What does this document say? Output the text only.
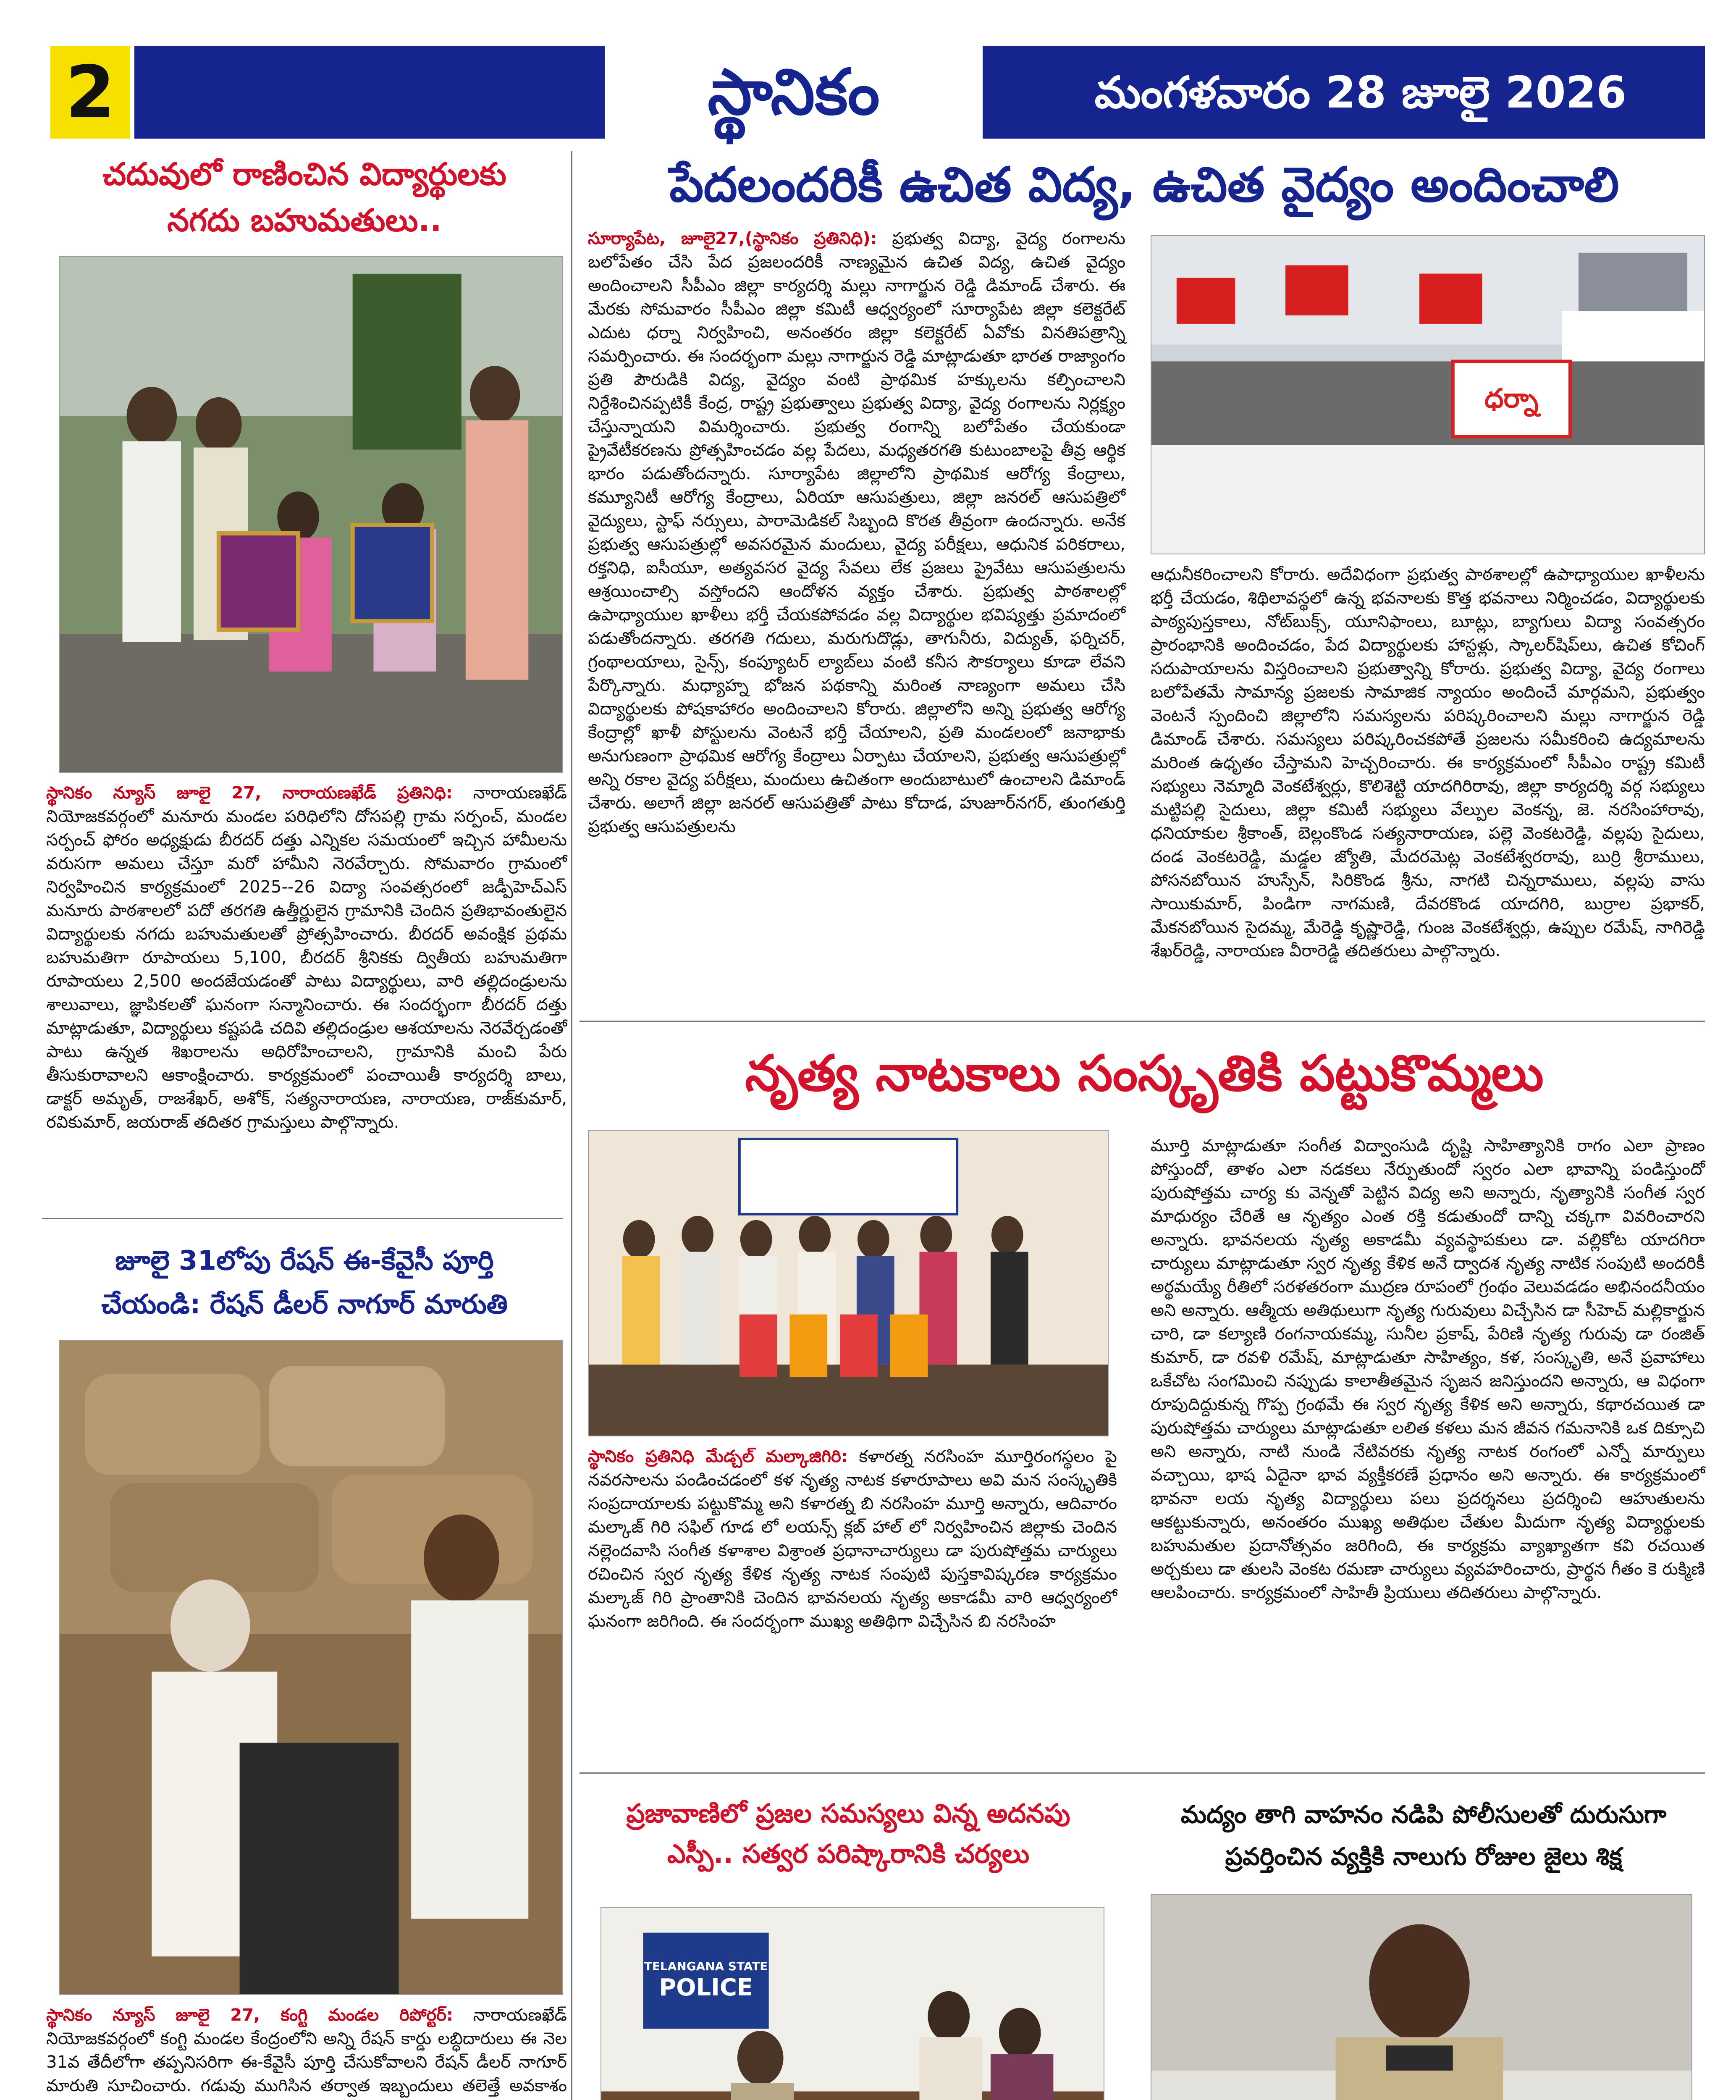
2	స్థానికం	మంగళవారం 28 జూలై 2026
చదువులో రాణించిన విద్యార్థులకు
నగదు బహుమతులు..
స్థానికం న్యూస్ జూలై 27, నారాయణఖేడ్ ప్రతినిధి: నారాయణఖేడ్ నియోజకవర్గంలో మనూరు మండల పరిధిలోని దోసపల్లి గ్రామ సర్పంచ్, మండల సర్పంచ్ ఫోరం అధ్యక్షుడు బీరదర్ దత్తు ఎన్నికల సమయంలో ఇచ్చిన హామీలను వరుసగా అమలు చేస్తూ మరో హామీని నెరవేర్చారు. సోమవారం గ్రామంలో నిర్వహించిన కార్యక్రమంలో 2025--26 విద్యా సంవత్సరంలో జడ్పీహెచ్ఎస్ మనూరు పాఠశాలలో పదో తరగతి ఉత్తీర్ణులైన గ్రామానికి చెందిన ప్రతిభావంతులైన విద్యార్థులకు నగదు బహుమతులతో ప్రోత్సహించారు. బీరదర్ అవంక్షిక ప్రథమ బహుమతిగా రూపాయలు 5,100, బీరదర్ శ్రీనికకు ద్వితీయ బహుమతిగా రూపాయలు 2,500 అందజేయడంతో పాటు విద్యార్థులు, వారి తల్లిదండ్రులను శాలువాలు, జ్ఞాపికలతో ఘనంగా సన్మానించారు. ఈ సందర్భంగా బీరదర్ దత్తు మాట్లాడుతూ, విద్యార్థులు కష్టపడి చదివి తల్లిదండ్రుల ఆశయాలను నెరవేర్చడంతో పాటు ఉన్నత శిఖరాలను అధిరోహించాలని, గ్రామానికి మంచి పేరు తీసుకురావాలని ఆకాంక్షించారు. కార్యక్రమంలో పంచాయితీ కార్యదర్శి బాలు, డాక్టర్ అమృత్, రాజశేఖర్, అశోక్, సత్యనారాయణ, నారాయణ, రాజ్‌కుమార్, రవికుమార్, జయరాజ్ తదితర గ్రామస్తులు పాల్గొన్నారు.
జూలై 31లోపు రేషన్ ఈ-కేవైసీ పూర్తి
చేయండి: రేషన్ డీలర్ నాగూర్ మారుతి
స్థానికం న్యూస్ జూలై 27, కంగ్టి మండల రిపోర్టర్: నారాయణఖేడ్ నియోజకవర్గంలో కంగ్టి మండల కేంద్రంలోని అన్ని రేషన్ కార్డు లబ్ధిదారులు ఈ నెల 31వ తేదీలోగా తప్పనిసరిగా ఈ-కేవైసీ పూర్తి చేసుకోవాలని రేషన్ డీలర్ నాగూర్ మారుతి సూచించారు. గడువు ముగిసిన తర్వాత ఇబ్బందులు తలెత్తే అవకాశం
పేదలందరికీ ఉచిత విద్య, ఉచిత వైద్యం అందించాలి
సూర్యాపేట, జూలై27,(స్థానికం ప్రతినిధి): ప్రభుత్వ విద్యా, వైద్య రంగాలను బలోపేతం చేసి పేద ప్రజలందరికీ నాణ్యమైన ఉచిత విద్య, ఉచిత వైద్యం అందించాలని సీపీఎం జిల్లా కార్యదర్శి మల్లు నాగార్జున రెడ్డి డిమాండ్ చేశారు. ఈ మేరకు సోమవారం సీపీఎం జిల్లా కమిటీ ఆధ్వర్యంలో సూర్యాపేట జిల్లా కలెక్టరేట్ ఎదుట ధర్నా నిర్వహించి, అనంతరం జిల్లా కలెక్టరేట్ ఏవోకు వినతిపత్రాన్ని సమర్పించారు. ఈ సందర్భంగా మల్లు నాగార్జున రెడ్డి మాట్లాడుతూ భారత రాజ్యాంగం ప్రతి పౌరుడికి విద్య, వైద్యం వంటి ప్రాథమిక హక్కులను కల్పించాలని నిర్దేశించినప్పటికీ కేంద్ర, రాష్ట్ర ప్రభుత్వాలు ప్రభుత్వ విద్యా, వైద్య రంగాలను నిర్లక్ష్యం చేస్తున్నాయని విమర్శించారు. ప్రభుత్వ రంగాన్ని బలోపేతం చేయకుండా ప్రైవేటీకరణను ప్రోత్సహించడం వల్ల పేదలు, మధ్యతరగతి కుటుంబాలపై తీవ్ర ఆర్థిక భారం పడుతోందన్నారు. సూర్యాపేట జిల్లాలోని ప్రాథమిక ఆరోగ్య కేంద్రాలు, కమ్యూనిటీ ఆరోగ్య కేంద్రాలు, ఏరియా ఆసుపత్రులు, జిల్లా జనరల్ ఆసుపత్రిలో వైద్యులు, స్టాఫ్ నర్సులు, పారామెడికల్ సిబ్బంది కొరత తీవ్రంగా ఉందన్నారు. అనేక ప్రభుత్వ ఆసుపత్రుల్లో అవసరమైన మందులు, వైద్య పరీక్షలు, ఆధునిక పరికరాలు, రక్తనిధి, ఐసీయూ, అత్యవసర వైద్య సేవలు లేక ప్రజలు ప్రైవేటు ఆసుపత్రులను ఆశ్రయించాల్సి వస్తోందని ఆందోళన వ్యక్తం చేశారు. ప్రభుత్వ పాఠశాలల్లో ఉపాధ్యాయుల ఖాళీలు భర్తీ చేయకపోవడం వల్ల విద్యార్థుల భవిష్యత్తు ప్రమాదంలో పడుతోందన్నారు. తరగతి గదులు, మరుగుదొడ్లు, తాగునీరు, విద్యుత్, ఫర్నిచర్, గ్రంథాలయాలు, సైన్స్, కంప్యూటర్ ల్యాబ్‌లు వంటి కనీస సౌకర్యాలు కూడా లేవని పేర్కొన్నారు. మధ్యాహ్న భోజన పథకాన్ని మరింత నాణ్యంగా అమలు చేసి విద్యార్థులకు పోషకాహారం అందించాలని కోరారు. జిల్లాలోని అన్ని ప్రభుత్వ ఆరోగ్య కేంద్రాల్లో ఖాళీ పోస్టులను వెంటనే భర్తీ చేయాలని, ప్రతి మండలంలో జనాభాకు అనుగుణంగా ప్రాథమిక ఆరోగ్య కేంద్రాలు ఏర్పాటు చేయాలని, ప్రభుత్వ ఆసుపత్రుల్లో అన్ని రకాల వైద్య పరీక్షలు, మందులు ఉచితంగా అందుబాటులో ఉంచాలని డిమాండ్ చేశారు. అలాగే జిల్లా జనరల్ ఆసుపత్రితో పాటు కోదాడ, హుజూర్‌నగర్, తుంగతుర్తి ప్రభుత్వ ఆసుపత్రులను
ధర్నా
ఆధునీకరించాలని కోరారు. అదేవిధంగా ప్రభుత్వ పాఠశాలల్లో ఉపాధ్యాయుల ఖాళీలను భర్తీ చేయడం, శిథిలావస్థలో ఉన్న భవనాలకు కొత్త భవనాలు నిర్మించడం, విద్యార్థులకు పాఠ్యపుస్తకాలు, నోట్‌బుక్స్, యూనిఫాంలు, బూట్లు, బ్యాగులు విద్యా సంవత్సరం ప్రారంభానికి అందించడం, పేద విద్యార్థులకు హాస్టళ్లు, స్కాలర్‌షిప్‌లు, ఉచిత కోచింగ్ సదుపాయాలను విస్తరించాలని ప్రభుత్వాన్ని కోరారు. ప్రభుత్వ విద్యా, వైద్య రంగాలు బలోపేతమే సామాన్య ప్రజలకు సామాజిక న్యాయం అందించే మార్గమని, ప్రభుత్వం వెంటనే స్పందించి జిల్లాలోని సమస్యలను పరిష్కరించాలని మల్లు నాగార్జున రెడ్డి డిమాండ్ చేశారు. సమస్యలు పరిష్కరించకపోతే ప్రజలను సమీకరించి ఉద్యమాలను మరింత ఉధృతం చేస్తామని హెచ్చరించారు. ఈ కార్యక్రమంలో సీపీఎం రాష్ట్ర కమిటీ సభ్యులు నెమ్మాది వెంకటేశ్వర్లు, కొలిశెట్టి యాదగిరిరావు, జిల్లా కార్యదర్శి వర్గ సభ్యులు మట్టిపల్లి సైదులు, జిల్లా కమిటీ సభ్యులు వేల్పుల వెంకన్న, జె. నరసింహారావు, ధనియాకుల శ్రీకాంత్, బెల్లంకొండ సత్యనారాయణ, పల్లె వెంకటరెడ్డి, వల్లపు సైదులు, దండ వెంకటరెడ్డి, మడ్డల జ్యోతి, మేదరమెట్ల వెంకటేశ్వరరావు, బుర్రి శ్రీరాములు, పోసనబోయిన హుస్సేన్, సిరికొండ శ్రీను, నాగటి చిన్నరాములు, వల్లపు వాసు సాయికుమార్, పిండిగా నాగమణి, దేవరకొండ యాదగిరి, బుర్రాల ప్రభాకర్, మేకనబోయిన సైదమ్మ, మేరెడ్డి కృష్ణారెడ్డి, గుంజ వెంకటేశ్వర్లు, ఉప్పుల రమేష్, నాగిరెడ్డి శేఖర్‌రెడ్డి, నారాయణ వీరారెడ్డి తదితరులు పాల్గొన్నారు.
నృత్య నాటకాలు సంస్కృతికి పట్టుకొమ్మలు
స్థానికం ప్రతినిధి మేడ్చల్ మల్కాజిగిరి: కళారత్న నరసింహ మూర్తిరంగస్థలం పై నవరసాలను పండించడంలో కళ నృత్య నాటక కళారూపాలు అవి మన సంస్కృతికి సంప్రదాయాలకు పట్టుకొమ్మ అని కళారత్న బి నరసింహ మూర్తి అన్నారు, ఆదివారం మల్కాజ్ గిరి సఫిల్ గూడ లో లయన్స్ క్లబ్ హాల్ లో నిర్వహించిన జిల్లాకు చెందిన నల్లెందవాసి సంగీత కళాశాల విశ్రాంత ప్రధానాచార్యులు డా పురుషోత్తమ చార్యులు రచించిన స్వర నృత్య కేళిక నృత్య నాటక సంపుటి పుస్తకావిష్కరణ కార్యక్రమం మల్కాజ్ గిరి ప్రాంతానికి చెందిన భావనలయ నృత్య అకాడమీ వారి ఆధ్వర్యంలో ఘనంగా జరిగింది. ఈ సందర్భంగా ముఖ్య అతిథిగా విచ్చేసిన బి నరసింహ
మూర్తి మాట్లాడుతూ సంగీత విద్వాంసుడి దృష్టి సాహిత్యానికి రాగం ఎలా ప్రాణం పోస్తుందో, తాళం ఎలా నడకలు నేర్పుతుందో స్వరం ఎలా భావాన్ని పండిస్తుందో పురుషోత్తమ చార్య కు వెన్నతో పెట్టిన విద్య అని అన్నారు, నృత్యానికి సంగీత స్వర మాధుర్యం చేరితే ఆ నృత్యం ఎంత రక్తి కడుతుందో దాన్ని చక్కగా వివరించారని అన్నారు. భావనలయ నృత్య అకాడమీ వ్యవస్థాపకులు డా. వల్లికోట యాదగిరా చార్యులు మాట్లాడుతూ స్వర నృత్య కేళిక అనే ద్వాదశ నృత్య నాటిక సంపుటి అందరికీ అర్థమయ్యే రీతిలో సరళతరంగా ముద్రణ రూపంలో గ్రంథం వెలువడడం అభినందనీయం అని అన్నారు. ఆత్మీయ అతిథులుగా నృత్య గురువులు విచ్చేసిన డా సీహెచ్ మల్లికార్జున చారి, డా కల్యాణి రంగనాయకమ్మ, సునీల ప్రకాష్, పేరిణి నృత్య గురువు డా రంజిత్ కుమార్, డా రవళి రమేష్, మాట్లాడుతూ సాహిత్యం, కళ, సంస్కృతి, అనే ప్రవాహాలు ఒకేచోట సంగమించి నప్పుడు కాలాతీతమైన సృజన జనిస్తుందని అన్నారు, ఆ విధంగా రూపుదిద్దుకున్న గొప్ప గ్రంథమే ఈ స్వర నృత్య కేళిక అని అన్నారు, కథారచయిత డా పురుషోత్తమ చార్యులు మాట్లాడుతూ లలిత కళలు మన జీవన గమనానికి ఒక దిక్సూచి అని అన్నారు, నాటి నుండి నేటివరకు నృత్య నాటక రంగంలో ఎన్నో మార్పులు వచ్చాయి, భాష ఏదైనా భావ వ్యక్తీకరణే ప్రధానం అని అన్నారు. ఈ కార్యక్రమంలో భావనా లయ నృత్య విద్యార్థులు పలు ప్రదర్శనలు ప్రదర్శించి ఆహుతులను ఆకట్టుకున్నారు, అనంతరం ముఖ్య అతిథుల చేతుల మీదుగా నృత్య విద్యార్థులకు బహుమతుల ప్రదానోత్సవం జరిగింది, ఈ కార్యక్రమ వ్యాఖ్యాతగా కవి రచయిత అర్చకులు డా తులసి వెంకట రమణా చార్యులు వ్యవహరించారు, ప్రార్థన గీతం కె రుక్మిణి ఆలపించారు. కార్యక్రమంలో సాహితీ ప్రియులు తదితరులు పాల్గొన్నారు.
ప్రజావాణిలో ప్రజల సమస్యలు విన్న అదనపు
ఎస్పీ.. సత్వర పరిష్కారానికి చర్యలు
TELANGANA STATE
POLICE
మద్యం తాగి వాహనం నడిపి పోలీసులతో దురుసుగా
ప్రవర్తించిన వ్యక్తికి నాలుగు రోజుల జైలు శిక్ష
